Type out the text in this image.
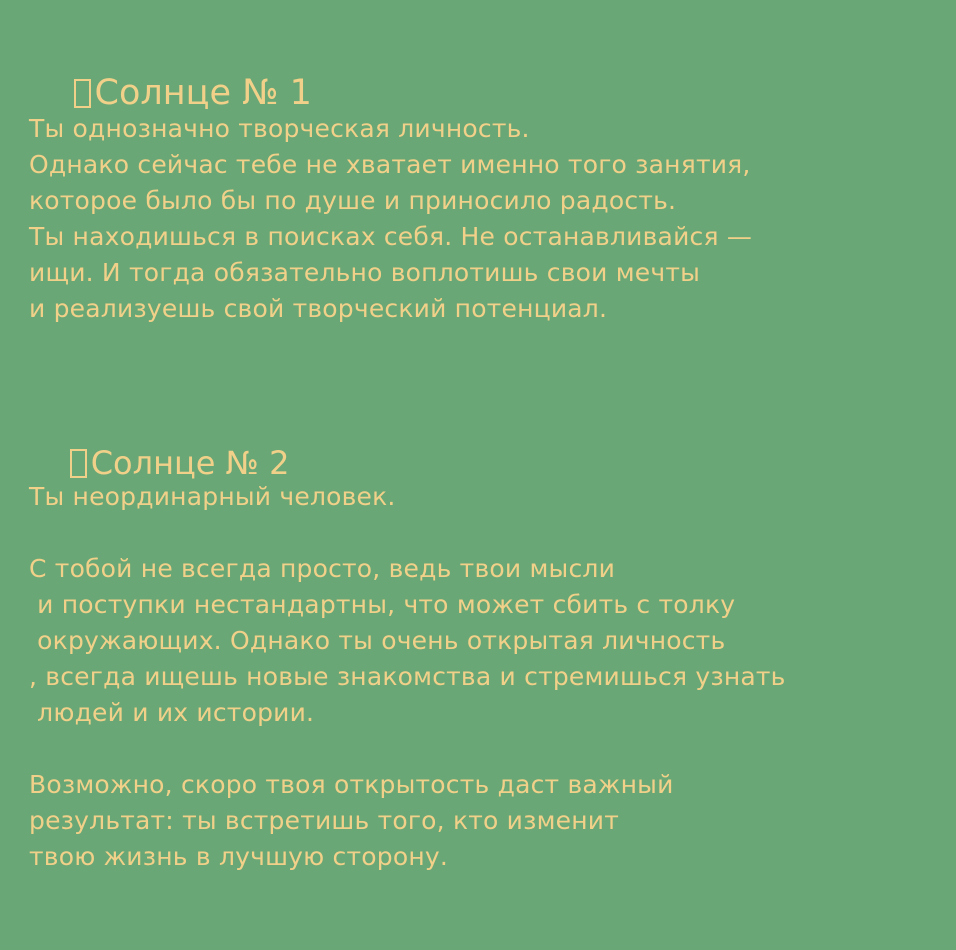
Солнце № 1

Ты однозначно творческая личность.
Однако сейчас тебе не хватает именно того занятия,
которое было бы по душе и приносило радость.
Ты находишься в поисках себя. Не останавливайся —
ищи. И тогда обязательно воплотишь свои мечты
и реализуешь свой творческий потенциал.

Солнце № 2

Ты неординарный человек.
С тобой не всегда просто, ведь твои мысли
и поступки нестандартны, что может сбить с толку
окружающих. Однако ты очень открытая личность
, всегда ищешь новые знакомства и стремишься узнать
людей и их истории.
Возможно, скоро твоя открытость даст важный
результат: ты встретишь того, кто изменит
твою жизнь в лучшую сторону.
